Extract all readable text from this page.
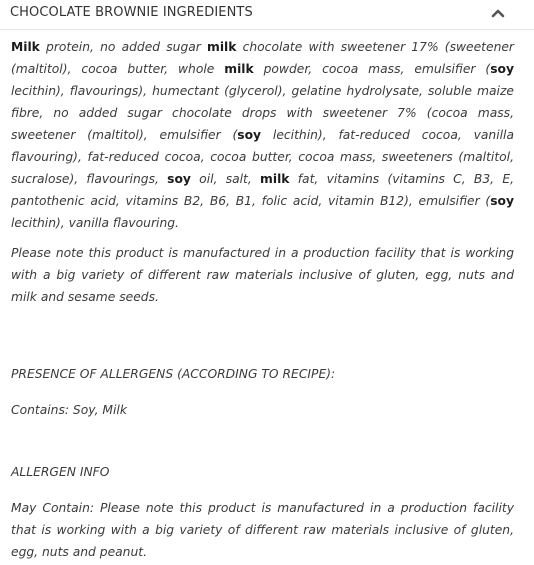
CHOCOLATE BROWNIE INGREDIENTS

Milk protein, no added sugar milk chocolate with sweetener 17% (sweetener (maltitol), cocoa butter, whole milk powder, cocoa mass, emulsifier (soy lecithin), flavourings), humectant (glycerol), gelatine hydrolysate, soluble maize fibre, no added sugar chocolate drops with sweetener 7% (cocoa mass, sweetener (maltitol), emulsifier (soy lecithin), fat-reduced cocoa, vanilla flavouring), fat-reduced cocoa, cocoa butter, cocoa mass, sweeteners (maltitol, sucralose), flavourings, soy oil, salt, milk fat, vitamins (vitamins C, B3, E, pantothenic acid, vitamins B2, B6, B1, folic acid, vitamin B12), emulsifier (soy lecithin), vanilla flavouring.

Please note this product is manufactured in a production facility that is working with a big variety of different raw materials inclusive of gluten, egg, nuts and milk and sesame seeds.

PRESENCE OF ALLERGENS (ACCORDING TO RECIPE):

Contains: Soy, Milk

ALLERGEN INFO

May Contain: Please note this product is manufactured in a production facility that is working with a big variety of different raw materials inclusive of gluten, egg, nuts and peanut.
